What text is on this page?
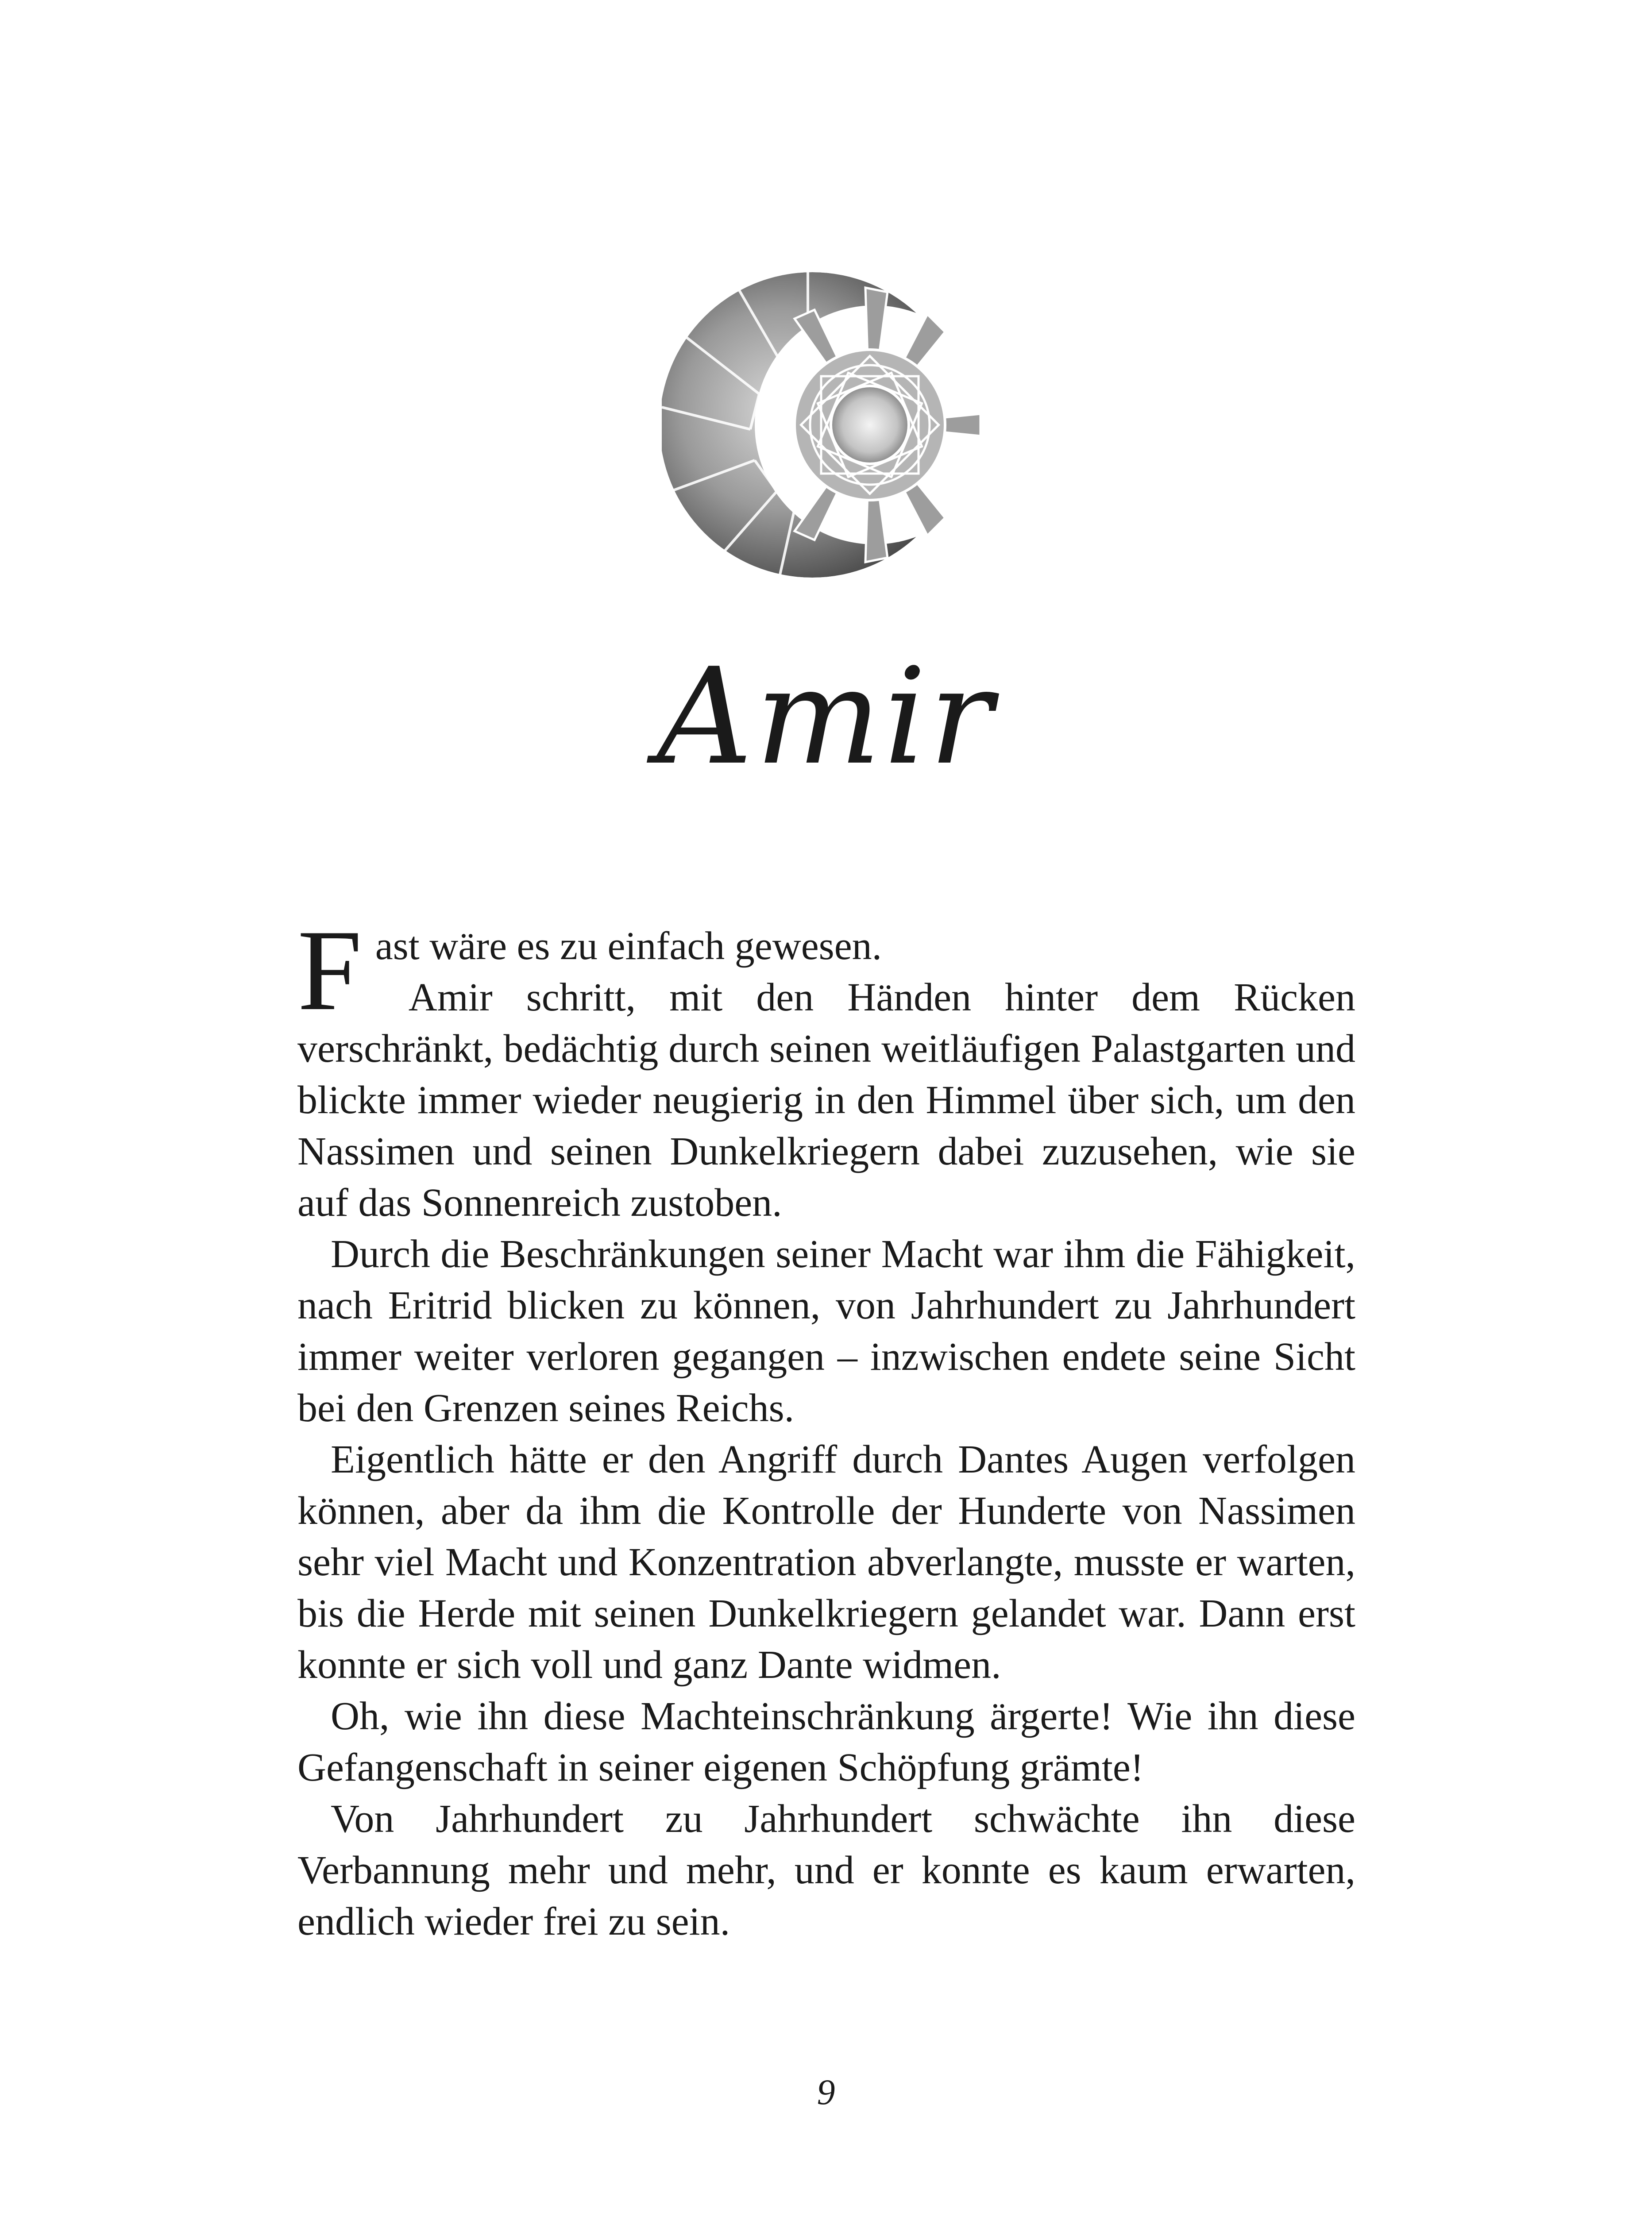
Amir

Fast wäre es zu einfach gewesen.

Amir schritt, mit den Händen hinter dem Rücken verschränkt, bedächtig durch seinen weitläufigen Palastgarten und blickte immer wieder neugierig in den Himmel über sich, um den Nassimen und seinen Dunkelkriegern dabei zuzusehen, wie sie auf das Sonnenreich zustoben.

Durch die Beschränkungen seiner Macht war ihm die Fähigkeit, nach Eritrid blicken zu können, von Jahrhundert zu Jahrhundert immer weiter verloren gegangen – inzwischen endete seine Sicht bei den Grenzen seines Reichs.

Eigentlich hätte er den Angriff durch Dantes Augen verfolgen können, aber da ihm die Kontrolle der Hunderte von Nassimen sehr viel Macht und Konzentration abverlangte, musste er warten, bis die Herde mit seinen Dunkelkriegern gelandet war. Dann erst konnte er sich voll und ganz Dante widmen.

Oh, wie ihn diese Machteinschränkung ärgerte! Wie ihn diese Gefangenschaft in seiner eigenen Schöpfung grämte!

Von Jahrhundert zu Jahrhundert schwächte ihn diese Verbannung mehr und mehr, und er konnte es kaum erwarten, endlich wieder frei zu sein.

9
